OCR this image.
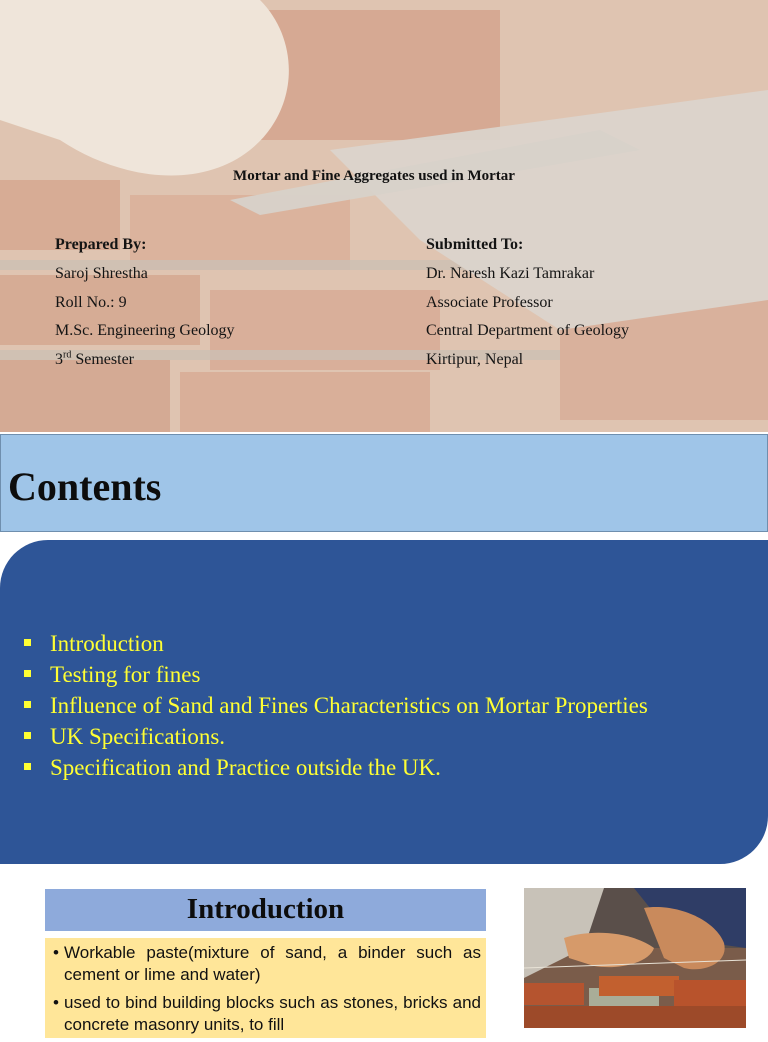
Mortar and Fine Aggregates used in Mortar
Prepared By:
Saroj Shrestha
Roll No.: 9
M.Sc. Engineering Geology
3rd Semester
Submitted To:
Dr. Naresh Kazi Tamrakar
Associate Professor
Central Department of Geology
Kirtipur, Nepal
Contents
Introduction
Testing for fines
Influence of Sand and Fines Characteristics on Mortar Properties
UK Specifications.
Specification and Practice outside the UK.
Introduction
• Workable paste(mixture of sand, a binder such as cement or lime and water)
• used to bind building blocks such as stones, bricks and concrete masonry units, to fill
